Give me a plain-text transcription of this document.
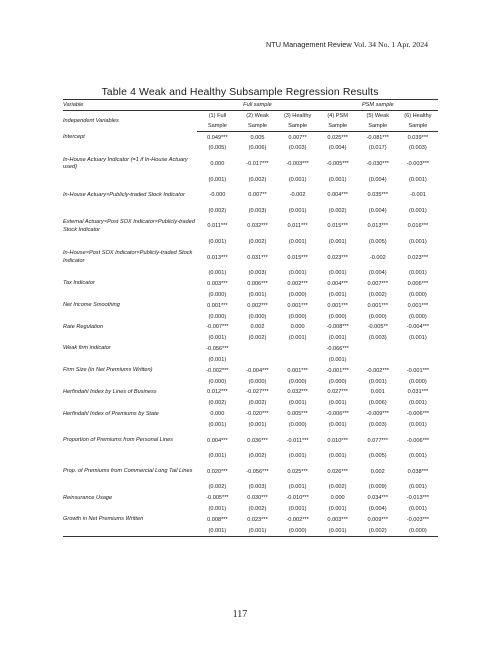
NTU Management Review Vol. 34 No. 1 Apr. 2024
Table 4 Weak and Healthy Subsample Regression Results
Variable	Full sample			PSM sample		
Independent Variables	(1) Full	(2) Weak	(3) Healthy	(4) PSM	(5) Weak	(6) Healthy
	Sample	Sample	Sample	Sample	Sample	Sample
Intercept	0.049***	0.005	0.007**	0.025***	-0.081***	0.039***
	(0.005)	(0.006)	(0.003)	(0.004)	(0.017)	(0.003)
In-House Actuary Indicator (=1 if In-House Actuary used)	0.000	-0.017***	-0.003***	-0.005***	-0.030***	-0.003***
	(0.001)	(0.002)	(0.001)	(0.001)	(0.004)	(0.001)
In-House Actuary×Publicly-traded Stock Indicator	-0.000	0.007**	-0.002	0.004***	0.035***	-0.001
	(0.002)	(0.003)	(0.001)	(0.002)	(0.004)	(0.001)
External Actuary×Post SOX Indicator×Publicly-traded Stock Indicator	0.011***	0.032***	0.011***	0.015***	0.013***	0.016***
	(0.001)	(0.002)	(0.001)	(0.001)	(0.005)	(0.001)
In-House×Post SOX Indicator×Publicly-traded Stock Indicator	0.013***	0.031***	0.015***	0.023***	-0.002	0.023***
	(0.001)	(0.003)	(0.001)	(0.001)	(0.004)	(0.001)
Tax Indicator	0.003***	0.006***	0.002***	0.004***	0.007***	0.006***
	(0.000)	(0.001)	(0.000)	(0.001)	(0.002)	(0.000)
Net Income Smoothing	0.001***	0.002***	0.001***	0.001***	0.001***	0.001***
	(0.000)	(0.000)	(0.000)	(0.000)	(0.000)	(0.000)
Rate Regulation	-0.007***	0.002	0.000	-0.008***	-0.005**	-0.004***
	(0.001)	(0.002)	(0.001)	(0.001)	(0.003)	(0.001)
Weak firm indicator	-0.056***			-0.066***		
	(0.001)			(0.001)		
Firm Size (in Net Premiums Written)	-0.002***	-0.004***	0.001***	-0.001***	-0.002***	-0.001***
	(0.000)	(0.000)	(0.000)	(0.000)	(0.001)	(0.000)
Herfindahl Index by Lines of Business	0.012***	-0.027***	0.032***	0.027***	0.001	0.031***
	(0.002)	(0.002)	(0.001)	(0.001)	(0.006)	(0.001)
Herfindahl Index of Premiums by State	0.000	-0.020***	0.005***	-0.006***	-0.009***	-0.006***
	(0.001)	(0.001)	(0.000)	(0.001)	(0.003)	(0.001)
Proportion of Premiums from Personal Lines	0.004***	0.036***	-0.011***	0.010***	0.077***	-0.006***
	(0.001)	(0.002)	(0.001)	(0.001)	(0.005)	(0.001)
Prop. of Premiums from Commercial Long Tail Lines	0.020***	-0.056***	0.025***	0.026***	0.002	0.038***
	(0.002)	(0.003)	(0.001)	(0.002)	(0.009)	(0.001)
Reinsurance Usage	-0.005***	0.030***	-0.010***	0.000	0.034***	-0.013***
	(0.001)	(0.002)	(0.001)	(0.001)	(0.004)	(0.001)
Growth in Net Premiums Written	0.008***	0.023***	-0.002***	0.003***	0.009***	-0.003***
	(0.001)	(0.001)	(0.000)	(0.001)	(0.002)	(0.000)
117
